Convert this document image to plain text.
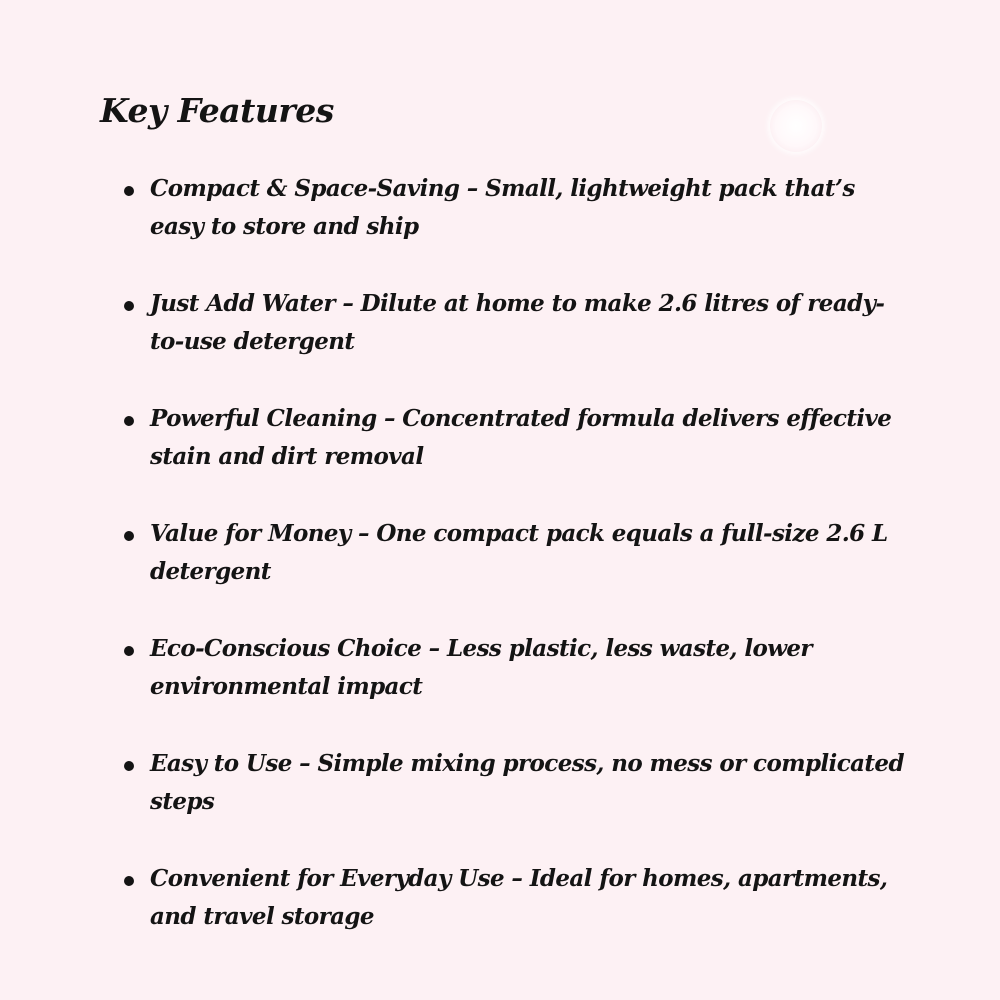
Key Features
Compact & Space-Saving – Small, lightweight pack that’s easy to store and ship
Just Add Water – Dilute at home to make 2.6 litres of ready-to-use detergent
Powerful Cleaning – Concentrated formula delivers effective stain and dirt removal
Value for Money – One compact pack equals a full-size 2.6 L detergent
Eco-Conscious Choice – Less plastic, less waste, lower environmental impact
Easy to Use – Simple mixing process, no mess or complicated steps
Convenient for Everyday Use – Ideal for homes, apartments, and travel storage
